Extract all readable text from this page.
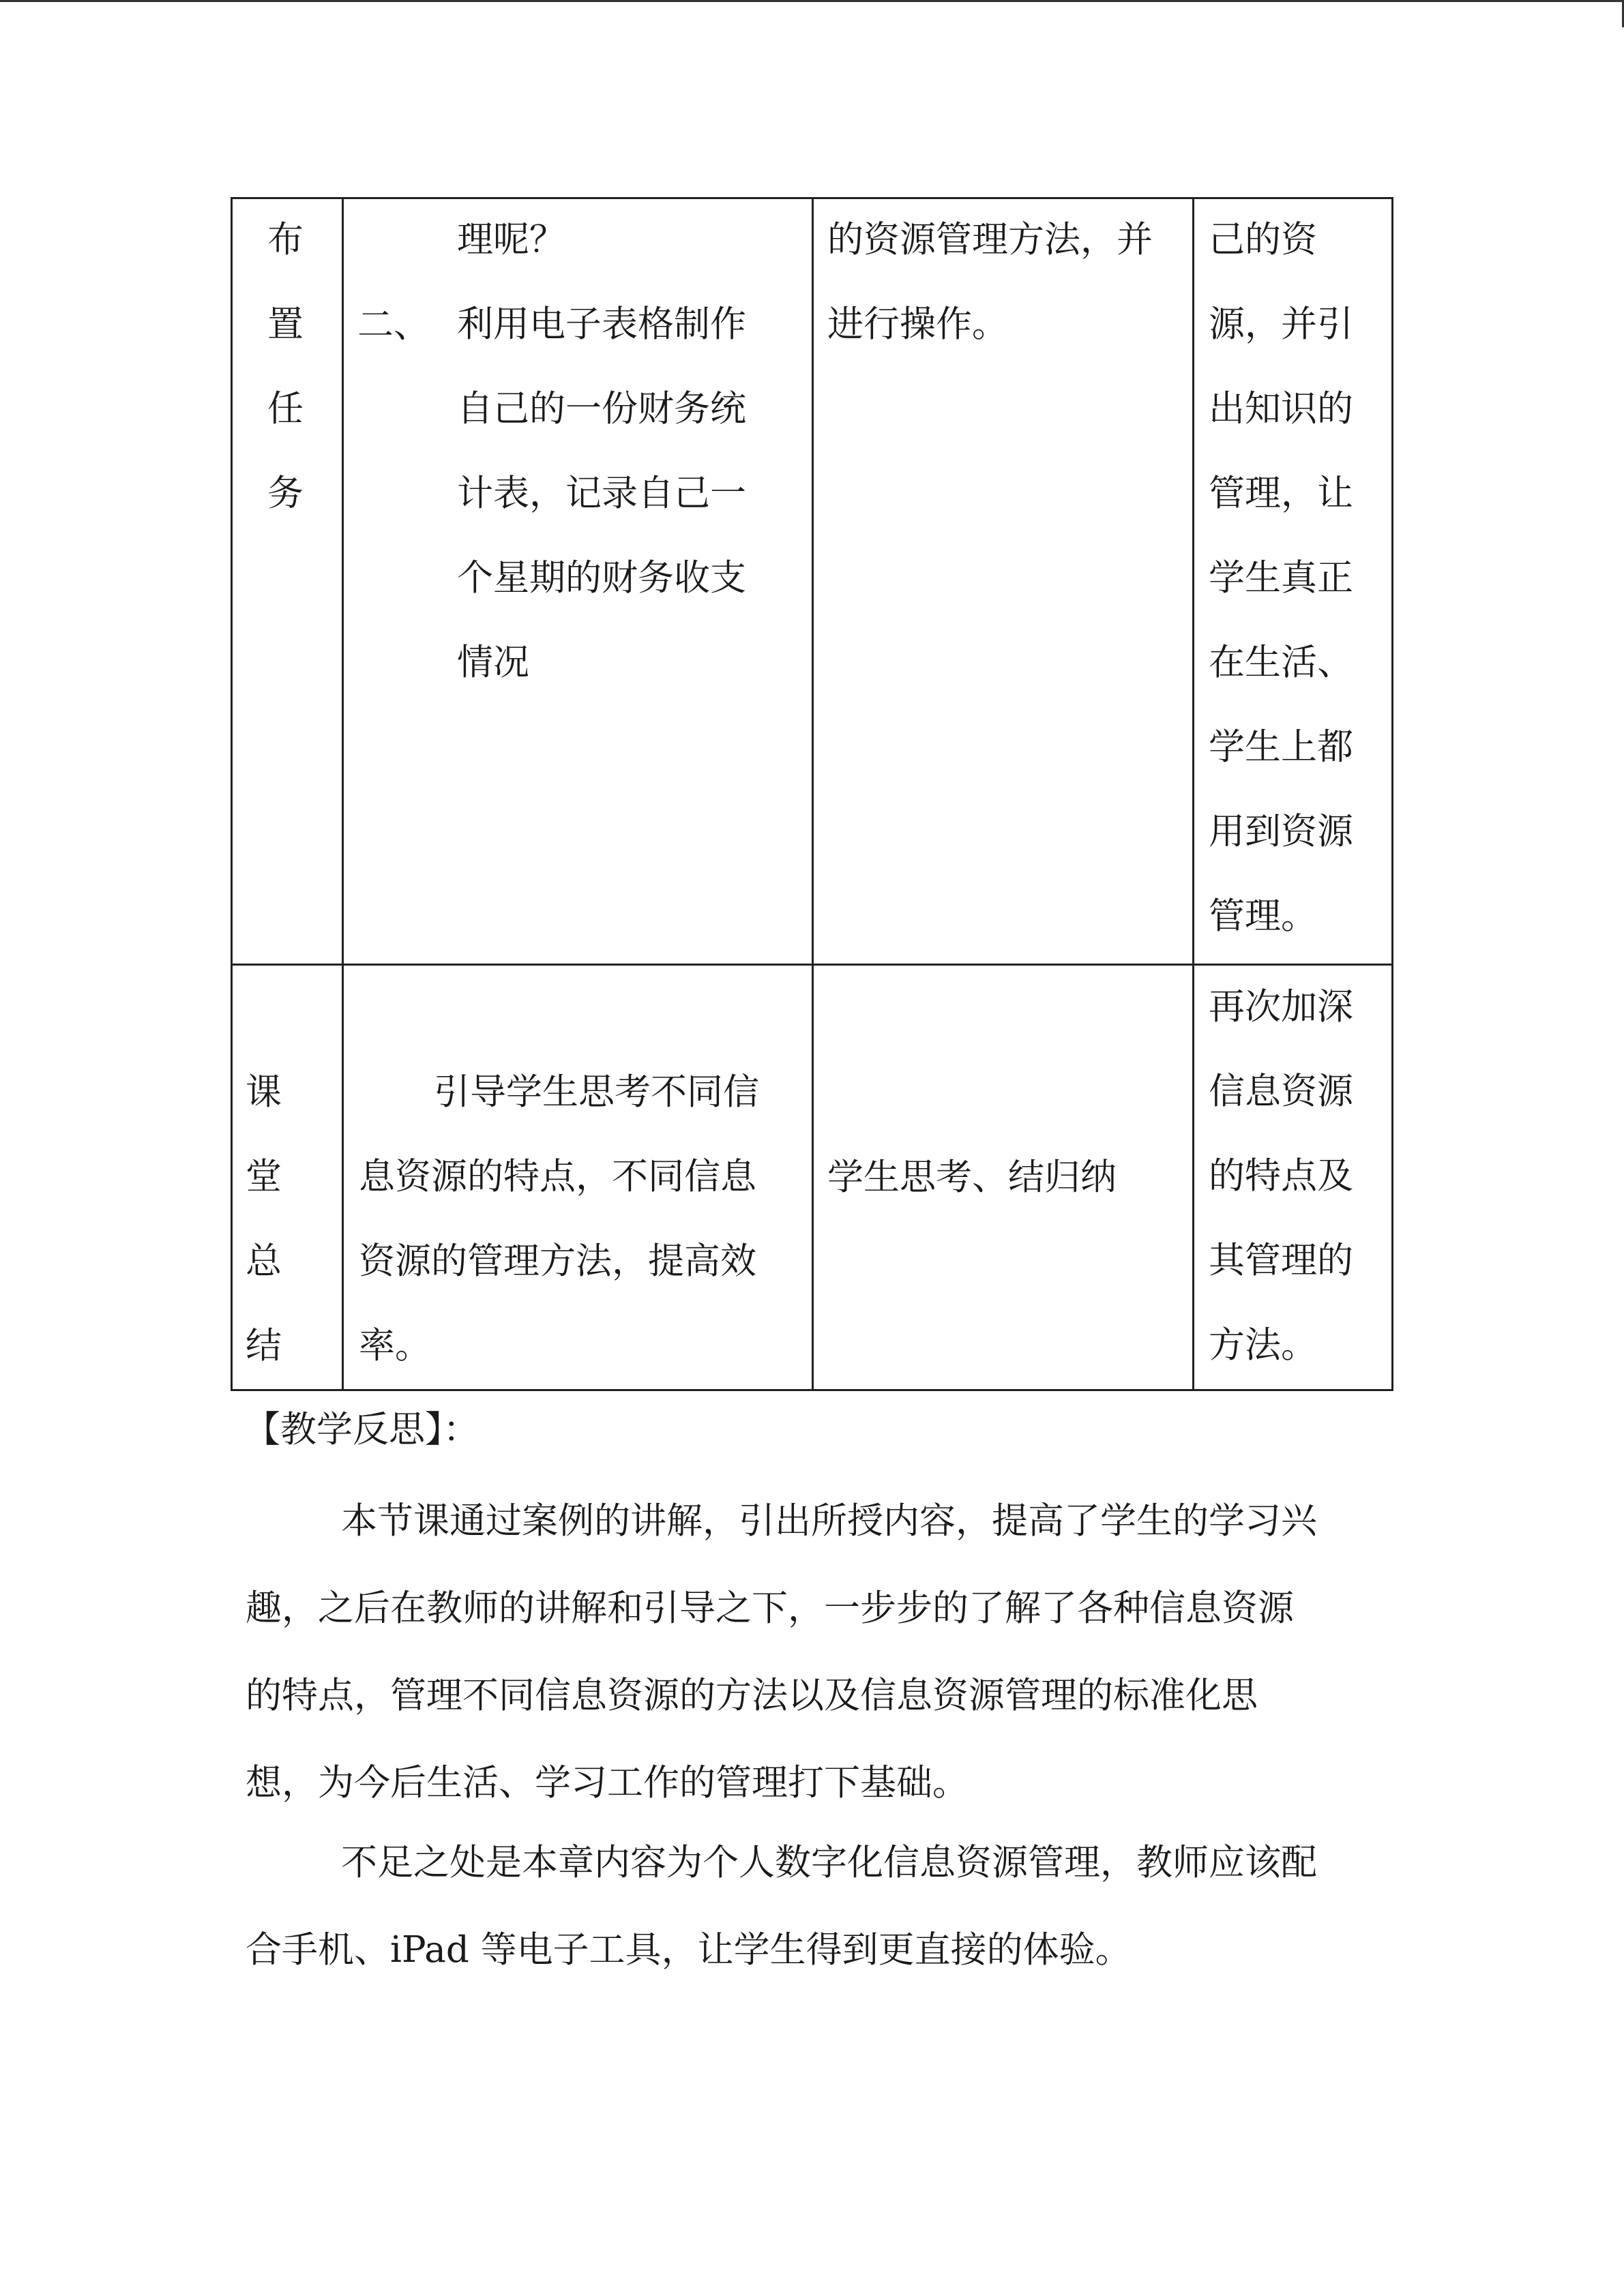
布
置
任
务
二、
理呢？
利用电子表格制作
自己的一份财务统
计表，记录自己一
个星期的财务收支
情况
的资源管理方法，并
进行操作。
己的资
源，并引
出知识的
管理，让
学生真正
在生活、
学生上都
用到资源
管理。
课
堂
总
结
引导学生思考不同信
息资源的特点，不同信息
资源的管理方法，提高效
率。
学生思考、结归纳
再次加深
信息资源
的特点及
其管理的
方法。
【教学反思】：
本节课通过案例的讲解，引出所授内容，提高了学生的学习兴
趣，之后在教师的讲解和引导之下，一步步的了解了各种信息资源
的特点，管理不同信息资源的方法以及信息资源管理的标准化思
想，为今后生活、学习工作的管理打下基础。
不足之处是本章内容为个人数字化信息资源管理，教师应该配
合手机、iPad 等电子工具，让学生得到更直接的体验。
